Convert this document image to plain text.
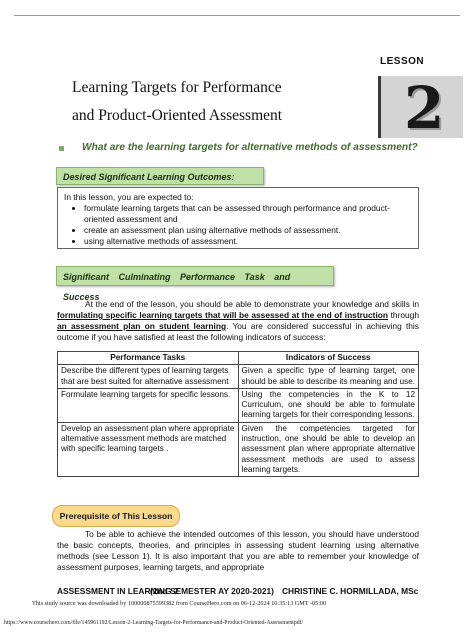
LESSON
2
Learning Targets for Performance
and Product-Oriented Assessment
What are the learning targets for alternative methods of assessment?
Desired Significant Learning Outcomes:
In this lesson, you are expected to:
• formulate learning targets that can be assessed through performance and product-oriented assessment and
• create an assessment plan using alternative methods of assessment.
• using alternative methods of assessment.
Significant Culminating Performance Task and Success
At the end of the lesson, you should be able to demonstrate your knowledge and skills in formulating specific learning targets that will be assessed at the end of instruction through an assessment plan on student learning. You are considered successful in achieving this outcome if you have satisfied at least the following indicators of success:
Performance Tasks	Indicators of Success
Describe the different types of learning targets that are best suited for alternative assessment	Given a specific type of learning target, one should be able to describe its meaning and use.
Formulate learning targets for specific lessons.	Using the competencies in the K to 12 Curriculum, one should be able to formulate learning targets for their corresponding lessons.
Develop an assessment plan where appropriate alternative assessment methods are matched with specific learning targets .	Given the competencies targeted for instruction, one should be able to develop an assessment plan where appropriate alternative assessment methods are used to assess learning targets.
Prerequisite of This Lesson
To be able to achieve the intended outcomes of this lesson, you should have understood the basic concepts, theories, and principles in assessing student learning using alternative methods (see Lesson 1). It is also important that you are able to remember your knowledge of assessment purposes, learning targets, and appropriate
ASSESSMENT IN LEARNING 2
(2nd SEMESTER AY 2020-2021) CHRISTINE C. HORMILLADA, MSc
This study source was downloaded by 100000875599382 from CourseHero.com on 06-12-2024 10:35:13 GMT -05:00
https://www.coursehero.com/file/145961192/Lesson-2-Learning-Targets-for-Performance-and-Product-Oriented-Assessmentpdf/
